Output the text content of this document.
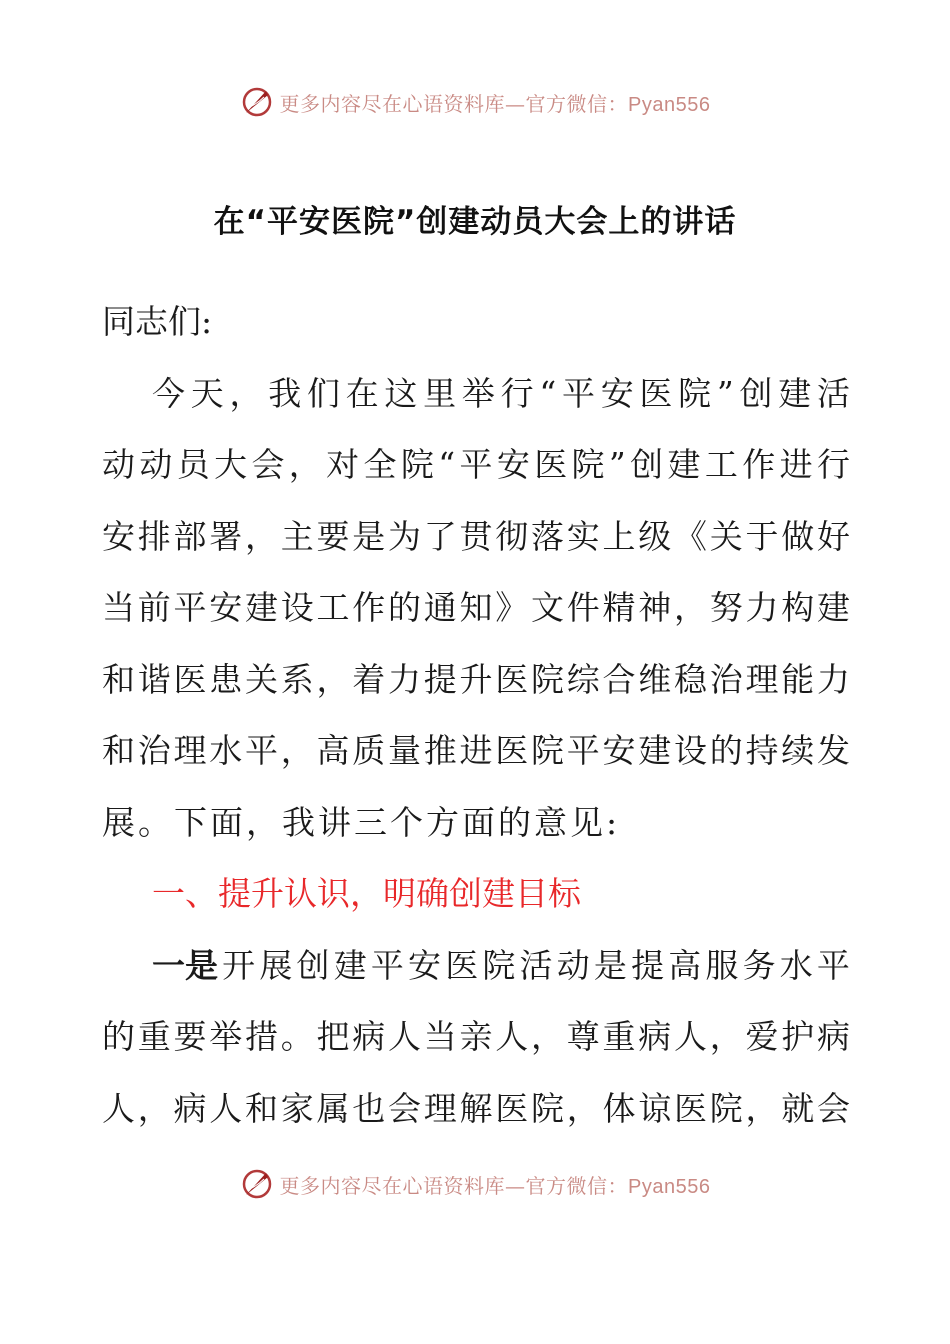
更多内容尽在心语资料库—官方微信：Pyan556
在“平安医院”创建动员大会上的讲话
同志们:
今 天 ， 我 们 在 这 里 举 行 “ 平 安 医 院 ” 创 建 活
动 动 员 大 会 ， 对 全 院 “ 平 安 医 院 ” 创 建 工 作 进 行
安 排 部 署 ， 主 要 是 为 了 贯 彻 落 实 上 级 《 关 于 做 好
当 前 平 安 建 设 工 作 的 通 知 》 文 件 精 神 ， 努 力 构 建
和 谐 医 患 关 系 ， 着 力 提 升 医 院 综 合 维 稳 治 理 能 力
和 治 理 水 平 ， 高 质 量 推 进 医 院 平 安 建 设 的 持 续 发
展。下面，我讲三个方面的意见:
一、提升认识，明确创建目标
一是 开 展 创 建 平 安 医 院 活 动 是 提 高 服 务 水 平
的 重 要 举 措 。 把 病 人 当 亲 人 ， 尊 重 病 人 ， 爱 护 病
人 ， 病 人 和 家 属 也 会 理 解 医 院 ， 体 谅 医 院 ， 就 会
更多内容尽在心语资料库—官方微信：Pyan556
